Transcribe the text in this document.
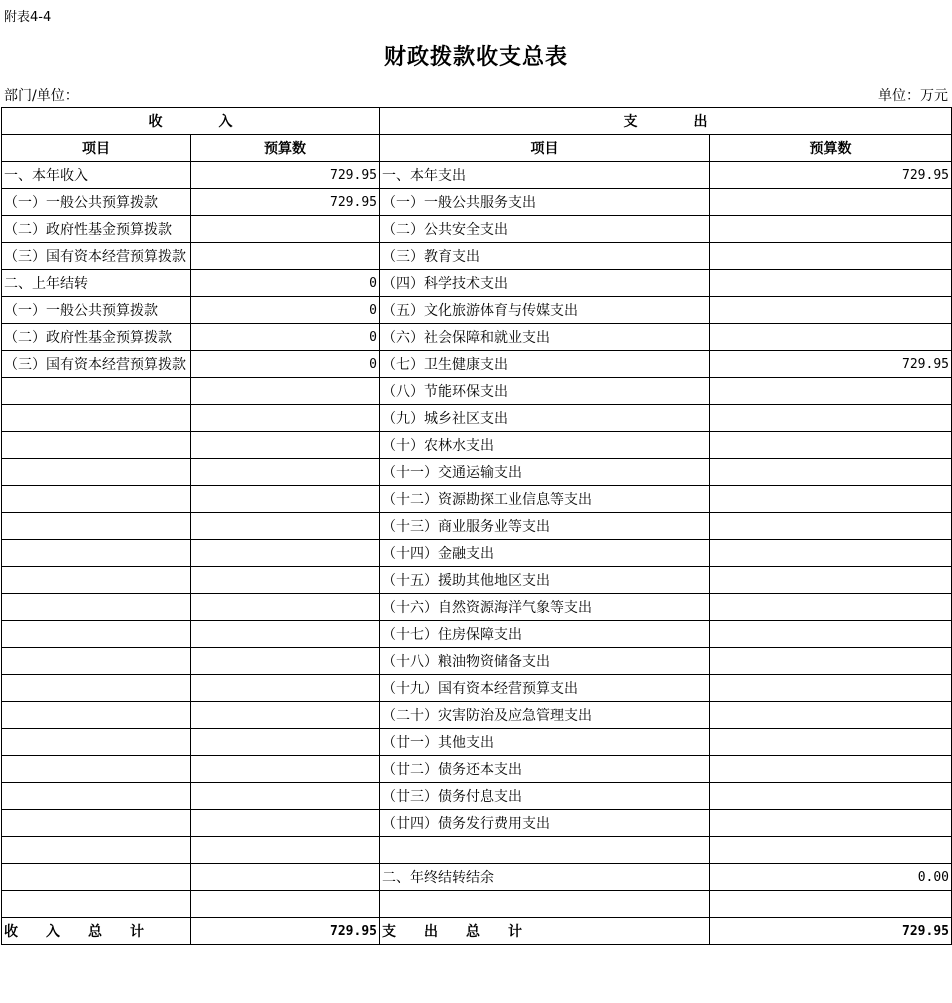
附表4-4
财政拨款收支总表
部门/单位：	单位：万元
收　　　　入		支　　　　出	
项目	预算数	项目	预算数
一、本年收入	729.95	一、本年支出	729.95
（一）一般公共预算拨款	729.95	（一）一般公共服务支出	
（二）政府性基金预算拨款		（二）公共安全支出	
（三）国有资本经营预算拨款		（三）教育支出	
二、上年结转	0	（四）科学技术支出	
（一）一般公共预算拨款	0	（五）文化旅游体育与传媒支出	
（二）政府性基金预算拨款	0	（六）社会保障和就业支出	
（三）国有资本经营预算拨款	0	（七）卫生健康支出	729.95
		（八）节能环保支出	
		（九）城乡社区支出	
		（十）农林水支出	
		（十一）交通运输支出	
		（十二）资源勘探工业信息等支出	
		（十三）商业服务业等支出	
		（十四）金融支出	
		（十五）援助其他地区支出	
		（十六）自然资源海洋气象等支出	
		（十七）住房保障支出	
		（十八）粮油物资储备支出	
		（十九）国有资本经营预算支出	
		（二十）灾害防治及应急管理支出	
		（廿一）其他支出	
		（廿二）债务还本支出	
		（廿三）债务付息支出	
		（廿四）债务发行费用支出	

		二、年终结转结余	0.00

收　　入　　总　　计	729.95	支　　出　　总　　计	729.95
